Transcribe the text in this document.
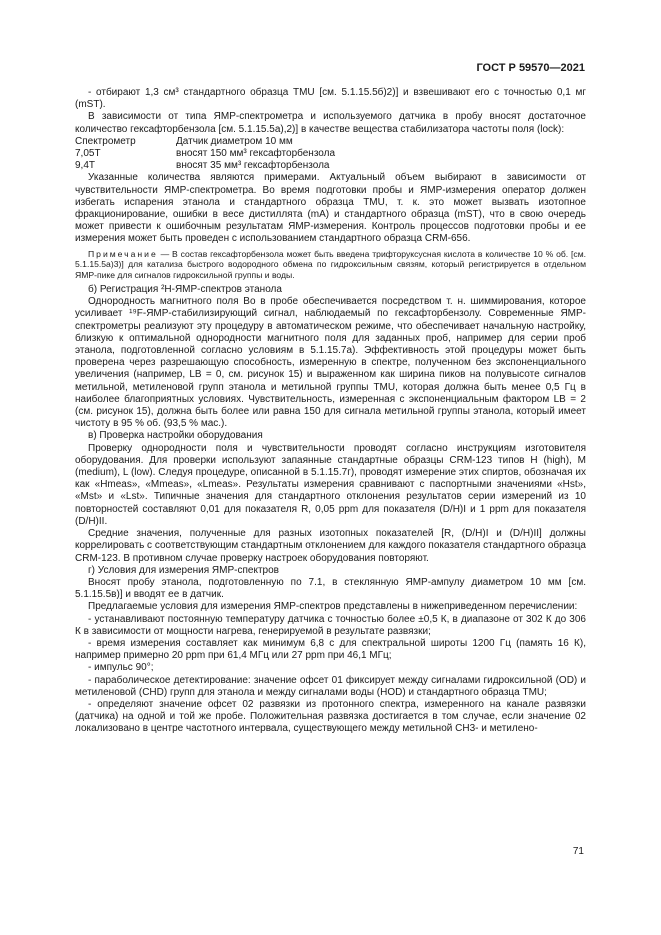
ГОСТ Р 59570—2021

- отбирают 1,3 см³ стандартного образца TMU [см. 5.1.15.5б)2)] и взвешивают его с точностью 0,1 мг (mST).

В зависимости от типа ЯМР-спектрометра и используемого датчика в пробу вносят достаточное количество гексафторбензола [см. 5.1.15.5а),2)] в качестве вещества стабилизатора частоты поля (lock):

Спектрометр	Датчик диаметром 10 мм
7,05Т	вносят 150 мм³ гексафторбензола
9,4Т	вносят 35 мм³ гексафторбензола

Указанные количества являются примерами. Актуальный объем выбирают в зависимости от чувствительности ЯМР-спектрометра. Во время подготовки пробы и ЯМР-измерения оператор должен избегать испарения этанола и стандартного образца TMU, т. к. это может вызвать изотопное фракционирование, ошибки в весе дистиллята (mA) и стандартного образца (mST), что в свою очередь может привести к ошибочным результатам ЯМР-измерения. Контроль процессов подготовки пробы и ее измерения может быть проведен с использованием стандартного образца CRM-656.

Примечание — В состав гексафторбензола может быть введена трифторуксусная кислота в количестве 10 % об. [см. 5.1.15.5а)3)] для катализа быстрого водородного обмена по гидроксильным связям, который регистрируется в отдельном ЯМР-пике для сигналов гидроксильной группы и воды.

б) Регистрация ²H-ЯМР-спектров этанола

Однородность магнитного поля Bo в пробе обеспечивается посредством т. н. шиммирования, которое усиливает ¹⁹F-ЯМР-стабилизирующий сигнал, наблюдаемый по гексафторбензолу. Современные ЯМР-спектрометры реализуют эту процедуру в автоматическом режиме, что обеспечивает начальную настройку, близкую к оптимальной однородности магнитного поля для заданных проб, например для серии проб этанола, подготовленной согласно условиям в 5.1.15.7а). Эффективность этой процедуры может быть проверена через разрешающую способность, измеренную в спектре, полученном без экспоненциального увеличения (например, LB = 0, см. рисунок 15) и выраженном как ширина пиков на полувысоте сигналов метильной, метиленовой групп этанола и метильной группы TMU, которая должна быть менее 0,5 Гц в наиболее благоприятных условиях. Чувствительность, измеренная с экспоненциальным фактором LB = 2 (см. рисунок 15), должна быть более или равна 150 для сигнала метильной группы этанола, который имеет чистоту в 95 % об. (93,5 % мас.).

в) Проверка настройки оборудования

Проверку однородности поля и чувствительности проводят согласно инструкциям изготовителя оборудования. Для проверки используют запаянные стандартные образцы CRM-123 типов H (high), M (medium), L (low). Следуя процедуре, описанной в 5.1.15.7г), проводят измерение этих спиртов, обозначая их как «Hmeas», «Mmeas», «Lmeas». Результаты измерения сравнивают с паспортными значениями «Hst», «Mst» и «Lst». Типичные значения для стандартного отклонения результатов серии измерений из 10 повторностей составляют 0,01 для показателя R, 0,05 ppm для показателя (D/H)I и 1 ppm для показателя (D/H)II.

Средние значения, полученные для разных изотопных показателей [R, (D/H)I и (D/H)II] должны коррелировать с соответствующим стандартным отклонением для каждого показателя стандартного образца CRM-123. В противном случае проверку настроек оборудования повторяют.

г) Условия для измерения ЯМР-спектров

Вносят пробу этанола, подготовленную по 7.1, в стеклянную ЯМР-ампулу диаметром 10 мм [см. 5.1.15.5в)] и вводят ее в датчик.

Предлагаемые условия для измерения ЯМР-спектров представлены в нижеприведенном перечислении:

- устанавливают постоянную температуру датчика с точностью более ±0,5 К, в диапазоне от 302 К до 306 К в зависимости от мощности нагрева, генерируемой в результате развязки;

- время измерения составляет как минимум 6,8 с для спектральной широты 1200 Гц (память 16 К), например примерно 20 ppm при 61,4 МГц или 27 ppm при 46,1 МГц;

- импульс 90°;

- параболическое детектирование: значение офсет 01 фиксирует между сигналами гидроксильной (OD) и метиленовой (CHD) групп для этанола и между сигналами воды (HOD) и стандартного образца TMU;

- определяют значение офсет 02 развязки из протонного спектра, измеренного на канале развязки (датчика) на одной и той же пробе. Положительная развязка достигается в том случае, если значение 02 локализовано в центре частотного интервала, существующего между метильной CH3- и метилено-

71
